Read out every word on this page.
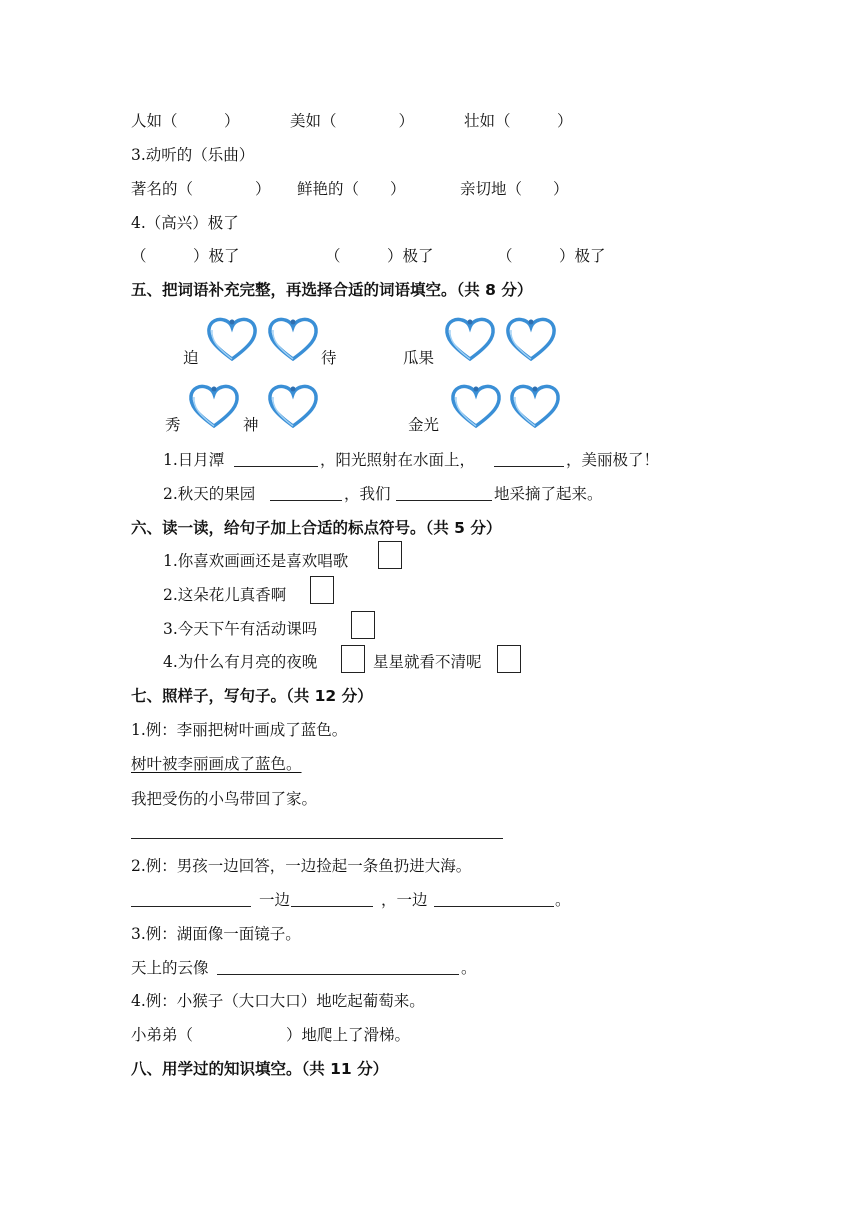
人如（　　　）	美如（　　　　）	壮如（　　　）
3.动听的（乐曲）
著名的（　　　　） 鲜艳的（　　）	亲切地（　　）
4.（高兴）极了
（　　　）极了	（　　　）极了	（　　　）极了
五、把词语补充完整，再选择合适的词语填空。（共 8 分）
迫	待	瓜果
秀	神	金光
1.日月潭	，阳光照射在水面上，	，美丽极了！
2.秋天的果园	，我们	地采摘了起来。
六、读一读，给句子加上合适的标点符号。（共 5 分）
1.你喜欢画画还是喜欢唱歌
2.这朵花儿真香啊
3.今天下午有活动课吗
4.为什么有月亮的夜晚	星星就看不清呢
七、照样子，写句子。（共 12 分）
1.例：李丽把树叶画成了蓝色。
树叶被李丽画成了蓝色。
我把受伤的小鸟带回了家。
2.例：男孩一边回答，一边捡起一条鱼扔进大海。
一边	，一边	。
3.例：湖面像一面镜子。
天上的云像	。
4.例：小猴子（大口大口）地吃起葡萄来。
小弟弟（　　　　　　）地爬上了滑梯。
八、用学过的知识填空。（共 11 分）
